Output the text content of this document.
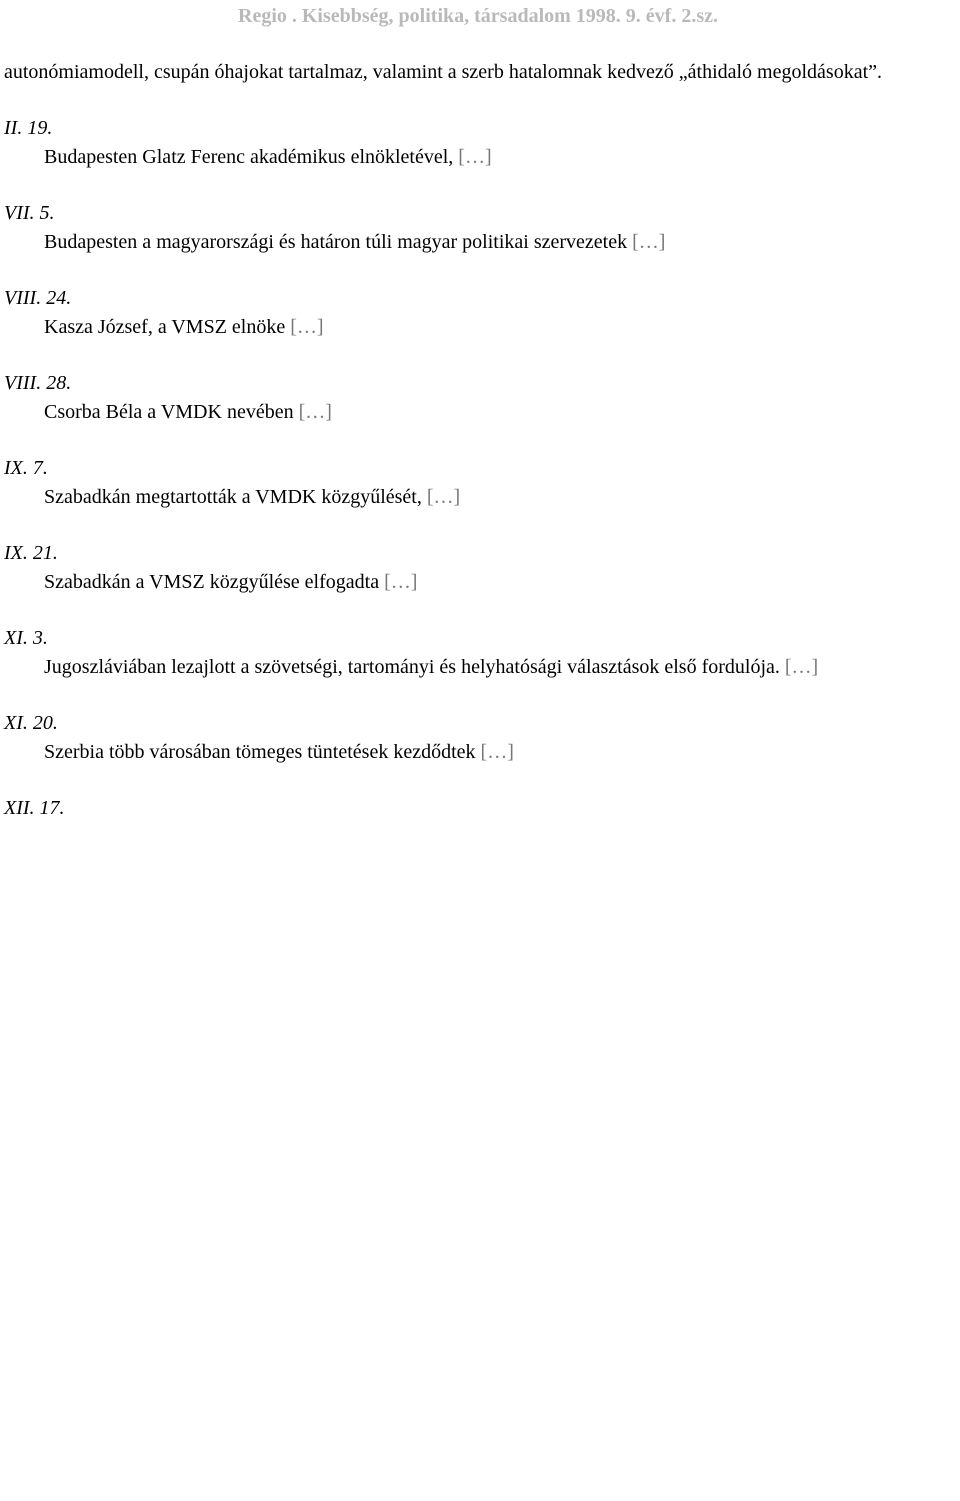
Regio . Kisebbség, politika, társadalom 1998. 9. évf. 2.sz.

autonómiamodell, csupán óhajokat tartalmaz, valamint a szerb hatalomnak kedvező „áthidaló megoldásokat”.

II. 19.

Budapesten Glatz Ferenc akadémikus elnökletével, […]

VII. 5.

Budapesten a magyarországi és határon túli magyar politikai szervezetek […]

VIII. 24.

Kasza József, a VMSZ elnöke […]

VIII. 28.

Csorba Béla a VMDK nevében […]

IX. 7.

Szabadkán megtartották a VMDK közgyűlését, […]

IX. 21.

Szabadkán a VMSZ közgyűlése elfogadta […]

XI. 3.

Jugoszláviában lezajlott a szövetségi, tartományi és helyhatósági választások első fordulója. […]

XI. 20.

Szerbia több városában tömeges tüntetések kezdődtek […]

XII. 17.
